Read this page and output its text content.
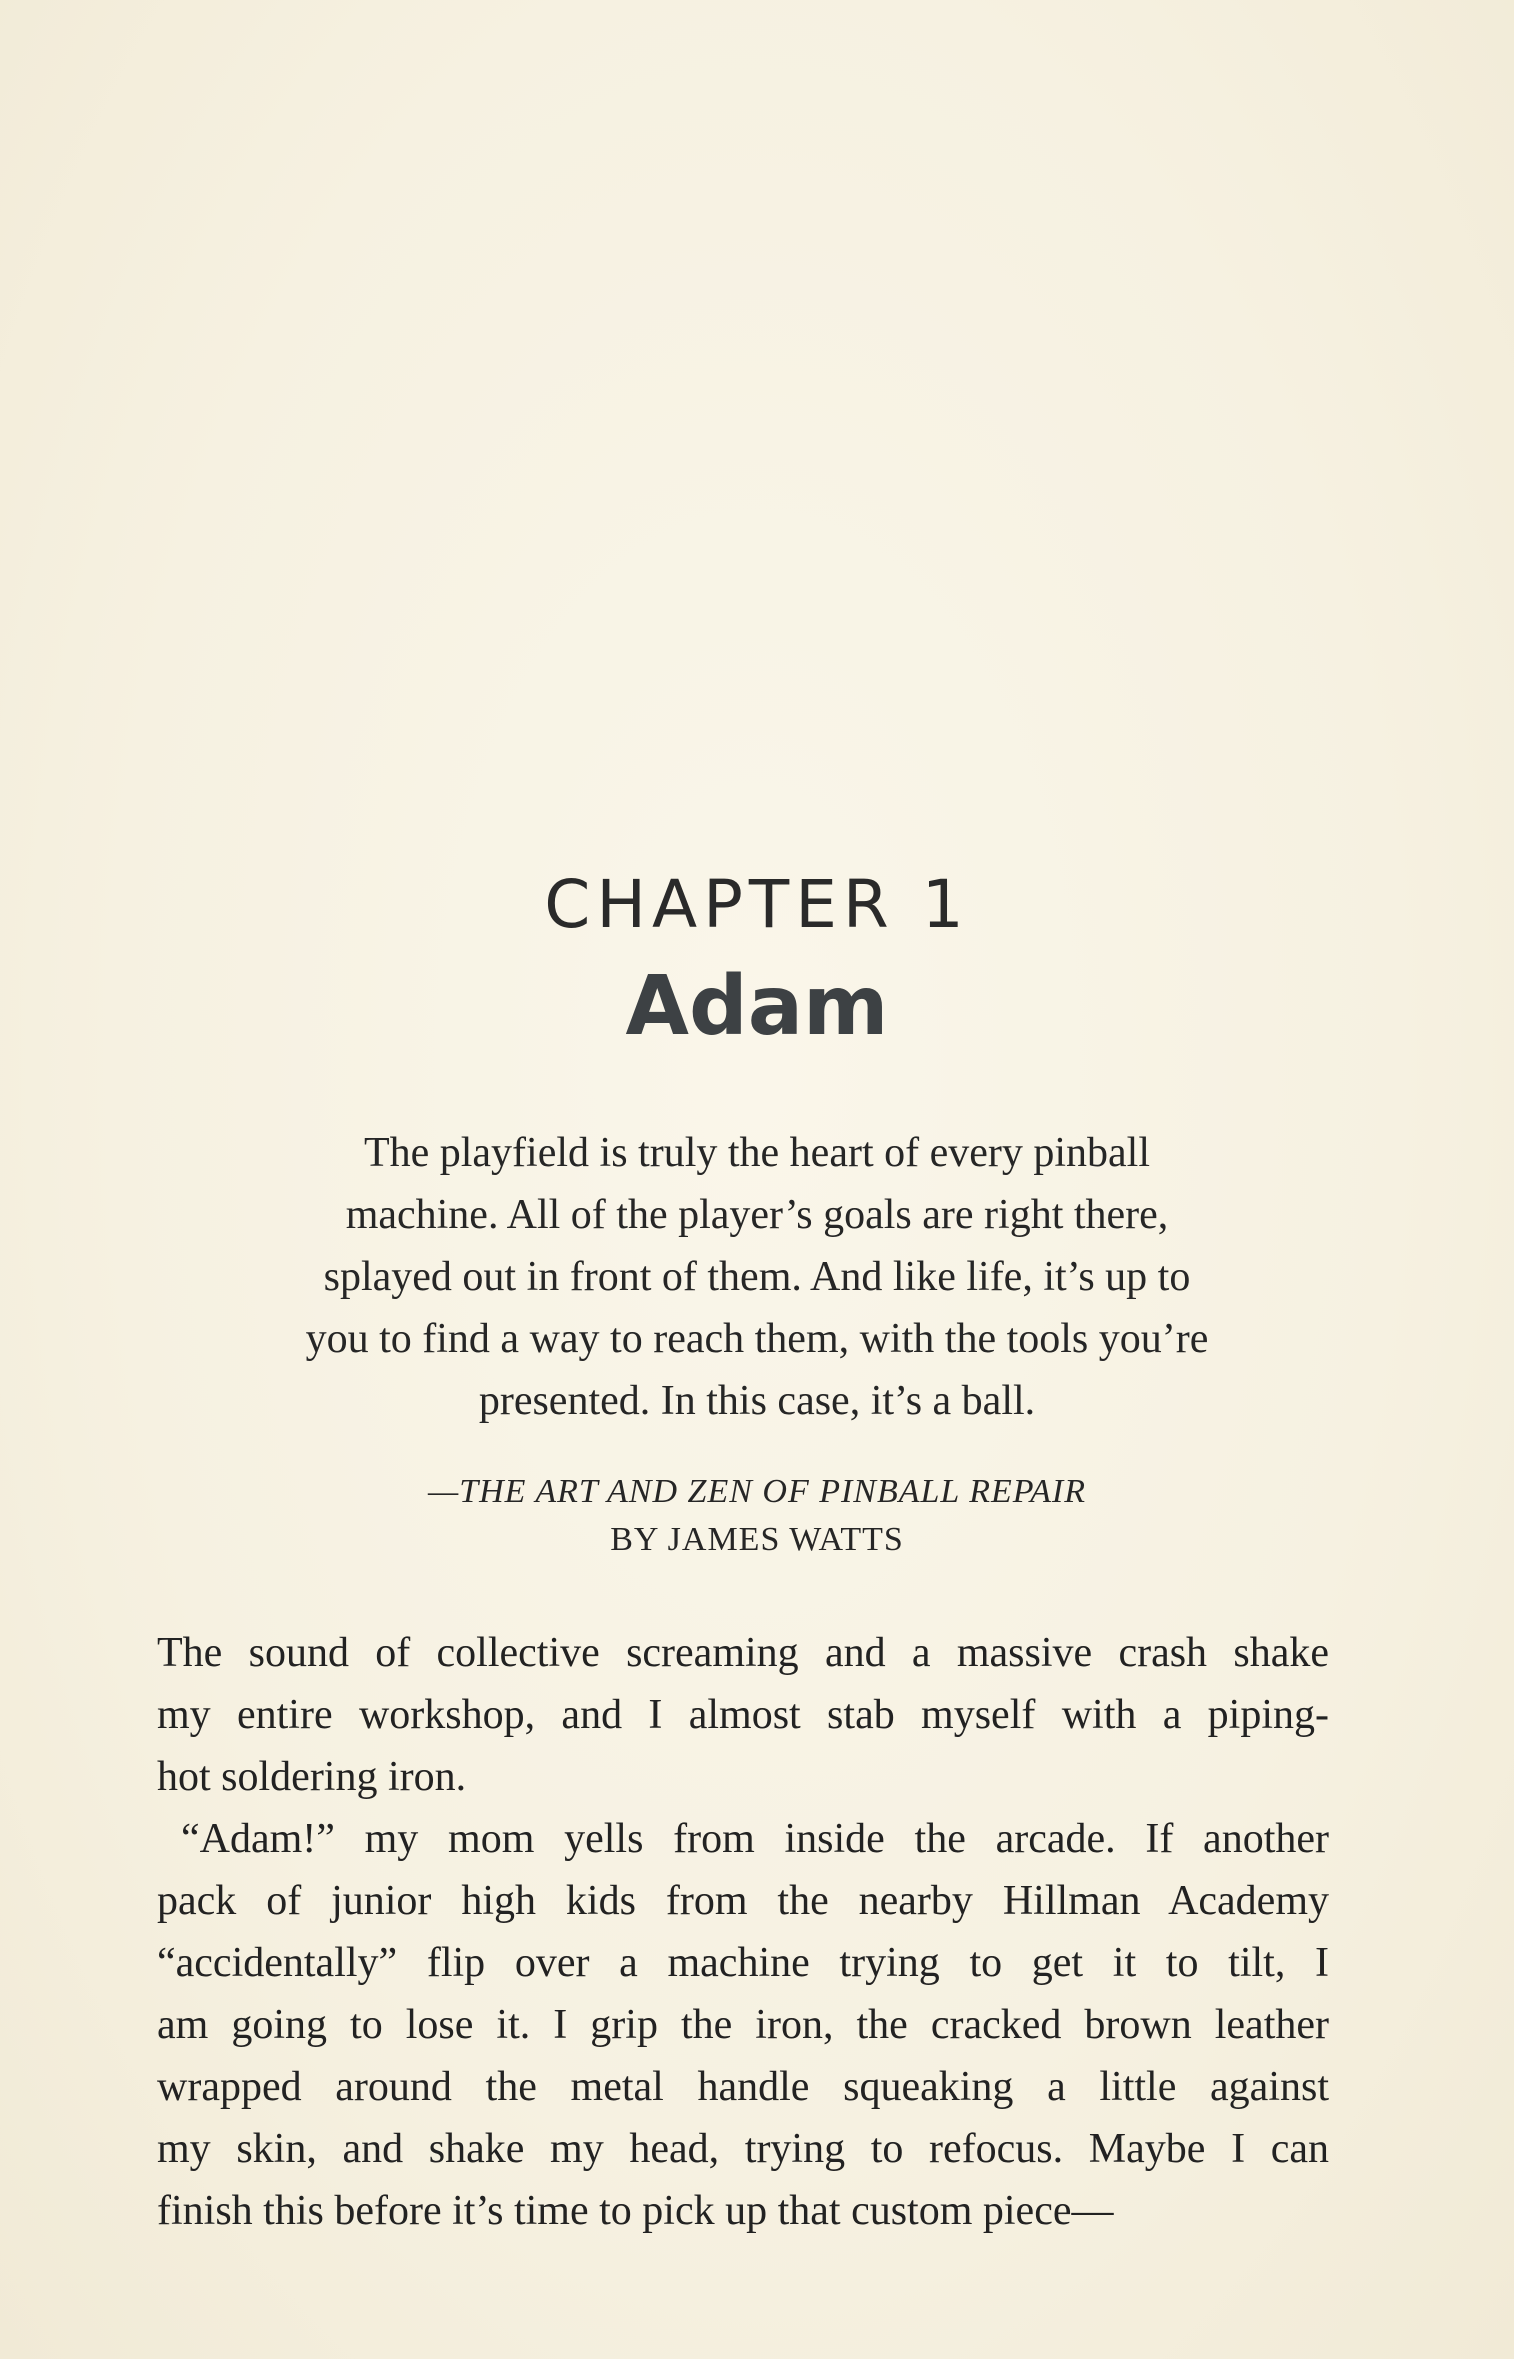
CHAPTER 1
Adam
The playfield is truly the heart of every pinball
machine. All of the player’s goals are right there,
splayed out in front of them. And like life, it’s up to
you to find a way to reach them, with the tools you’re
presented. In this case, it’s a ball.
—THE ART AND ZEN OF PINBALL REPAIR
BY JAMES WATTS
The sound of collective screaming and a massive crash shake
my entire workshop, and I almost stab myself with a piping-
hot soldering iron.
“Adam!” my mom yells from inside the arcade. If another
pack of junior high kids from the nearby Hillman Academy
“accidentally” flip over a machine trying to get it to tilt, I
am going to lose it. I grip the iron, the cracked brown leather
wrapped around the metal handle squeaking a little against
my skin, and shake my head, trying to refocus. Maybe I can
finish this before it’s time to pick up that custom piece—
